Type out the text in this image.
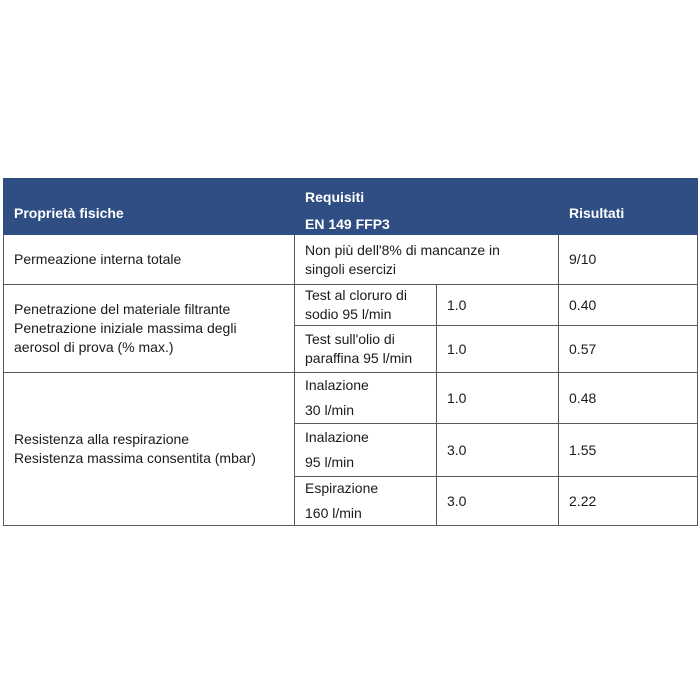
Proprietà fisiche	Requisiti
EN 149 FFP3		Risultati
Permeazione interna totale	Non più dell'8% di mancanze in
singoli esercizi		9/10

Penetrazione del materiale filtrante
Penetrazione iniziale massima degli
aerosol di prova (% max.)	Test al cloruro di
sodio 95 l/min	1.0	0.40

	Test sull'olio di
paraffina 95 l/min	1.0	0.57

Resistenza alla respirazione
Resistenza massima consentita (mbar)	Inalazione
30 l/min	1.0	0.48

	Inalazione
95 l/min	3.0	1.55

	Espirazione
160 l/min	3.0	2.22
